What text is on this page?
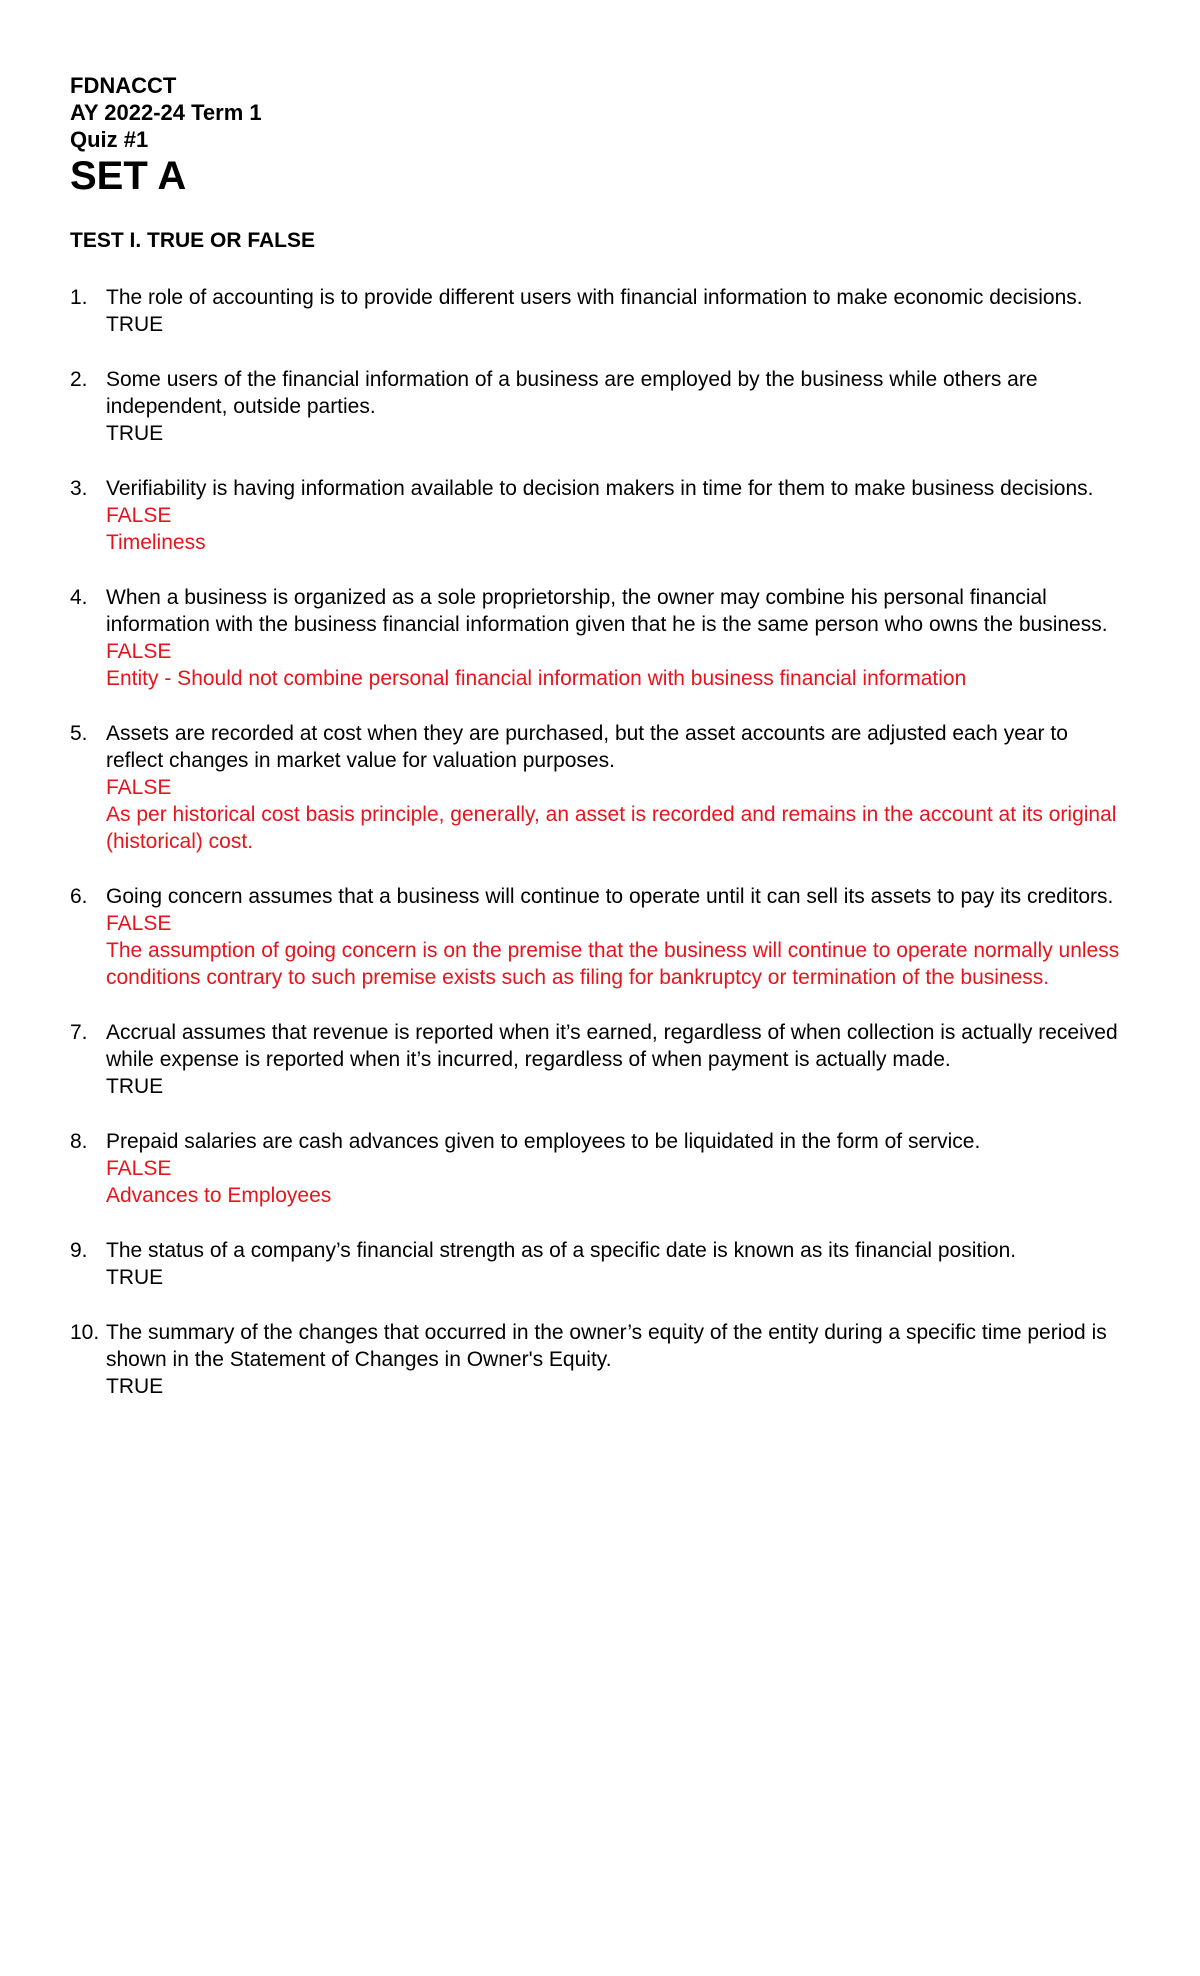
FDNACCT
AY 2022-24 Term 1
Quiz #1
SET A
TEST I. TRUE OR FALSE
1. The role of accounting is to provide different users with financial information to make economic decisions.
TRUE
2. Some users of the financial information of a business are employed by the business while others are independent, outside parties.
TRUE
3. Verifiability is having information available to decision makers in time for them to make business decisions.
FALSE
Timeliness
4. When a business is organized as a sole proprietorship, the owner may combine his personal financial information with the business financial information given that he is the same person who owns the business.
FALSE
Entity - Should not combine personal financial information with business financial information
5. Assets are recorded at cost when they are purchased, but the asset accounts are adjusted each year to reflect changes in market value for valuation purposes.
FALSE
As per historical cost basis principle, generally, an asset is recorded and remains in the account at its original (historical) cost.
6. Going concern assumes that a business will continue to operate until it can sell its assets to pay its creditors.
FALSE
The assumption of going concern is on the premise that the business will continue to operate normally unless conditions contrary to such premise exists such as filing for bankruptcy or termination of the business.
7. Accrual assumes that revenue is reported when it’s earned, regardless of when collection is actually received while expense is reported when it’s incurred, regardless of when payment is actually made.
TRUE
8. Prepaid salaries are cash advances given to employees to be liquidated in the form of service.
FALSE
Advances to Employees
9. The status of a company’s financial strength as of a specific date is known as its financial position.
TRUE
10. The summary of the changes that occurred in the owner’s equity of the entity during a specific time period is shown in the Statement of Changes in Owner's Equity.
TRUE
